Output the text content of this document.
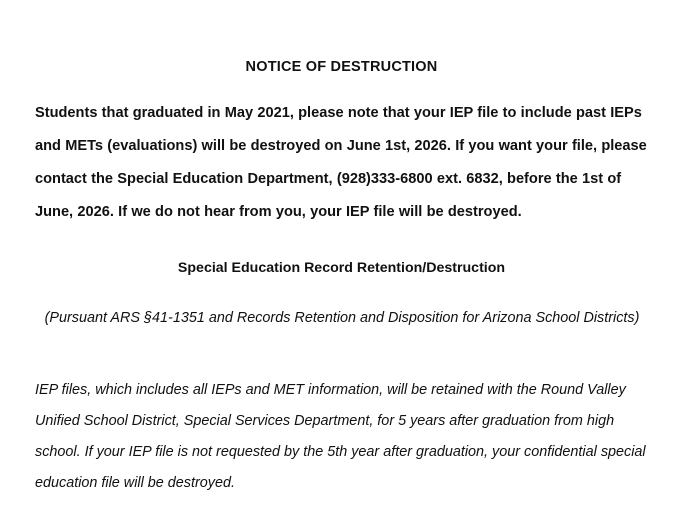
NOTICE OF DESTRUCTION
Students that graduated in May 2021, please note that your IEP file to include past IEPs and METs (evaluations) will be destroyed on June 1st, 2026. If you want your file, please contact the Special Education Department, (928)333-6800 ext. 6832, before the 1st of June, 2026. If we do not hear from you, your IEP file will be destroyed.
Special Education Record Retention/Destruction
(Pursuant ARS §41-1351 and Records Retention and Disposition for Arizona School Districts)
IEP files, which includes all IEPs and MET information, will be retained with the Round Valley Unified School District, Special Services Department, for 5 years after graduation from high school. If your IEP file is not requested by the 5th year after graduation, your confidential special education file will be destroyed.
